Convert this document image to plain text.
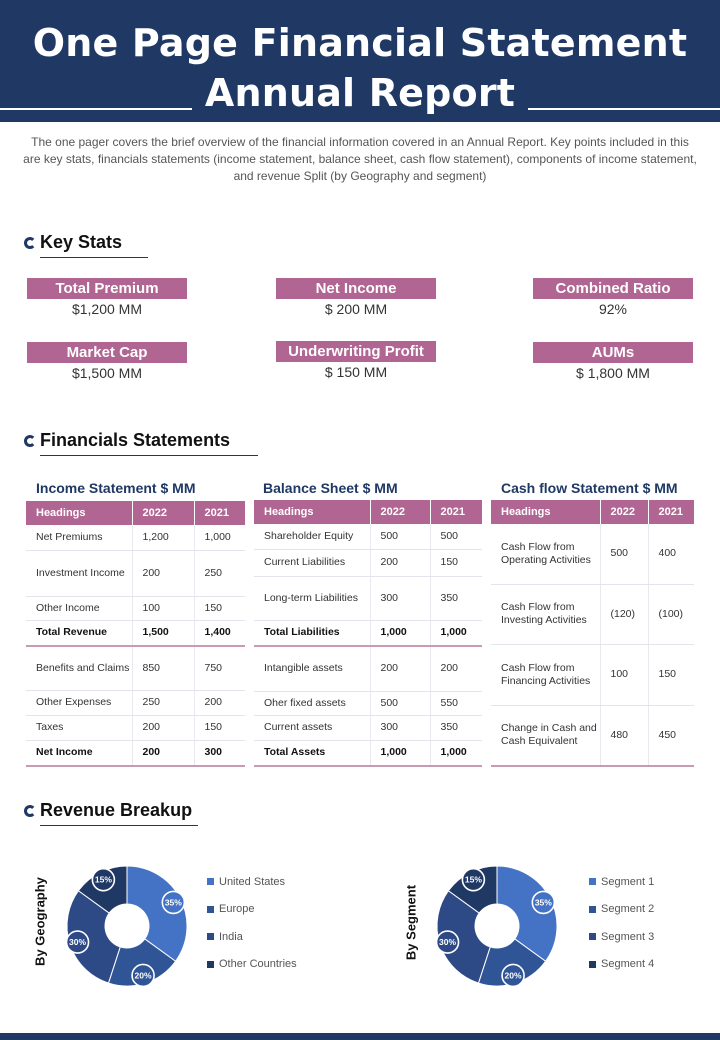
One Page Financial Statement
Annual Report

The one pager covers the brief overview of the financial information covered in an Annual Report. Key points included in this are key stats, financials statements (income statement, balance sheet, cash flow statement), components of income statement, and revenue Split (by Geography and segment)

Key Stats
Total Premium
$1,200 MM
Net Income
$ 200 MM
Combined Ratio
92%
Market Cap
$1,500 MM
Underwriting Profit
$ 150 MM
AUMs
$ 1,800 MM
Financials Statements
Income Statement $ MM
Headings	2022	2021
Net Premiums	1,200	1,000
Investment Income	200	250
Other Income	100	150
Total Revenue	1,500	1,400
Benefits and Claims	850	750
Other Expenses	250	200
Taxes	200	150
Net Income	200	300
Balance Sheet $ MM
Headings	2022	2021
Shareholder Equity	500	500
Current Liabilities	200	150
Long-term Liabilities	300	350
Total Liabilities	1,000	1,000
Intangible assets	200	200
Oher fixed assets	500	550
Current assets	300	350
Total Assets	1,000	1,000
Cash flow Statement $ MM
Headings	2022	2021
Cash Flow from Operating Activities	500	400
Cash Flow from Investing Activities	(120)	(100)
Cash Flow from Financing Activities	100	150
Change in Cash and Cash Equivalent	480	450
Revenue Breakup
By Geography	35%
20%
30%
15%	United States
Europe
India
Other Countries
By Segment	35%
20%
30%
15%	Segment 1
Segment 2
Segment 3
Segment 4
